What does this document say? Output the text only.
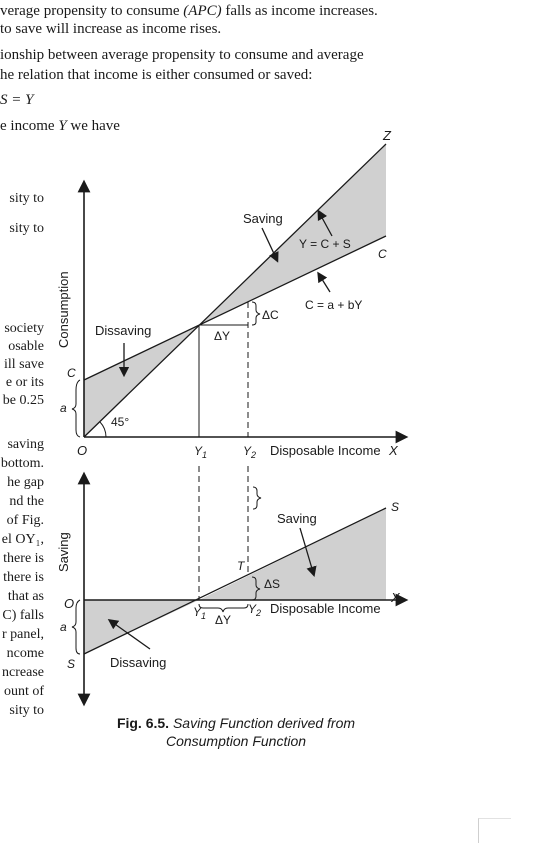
verage propensity to consume (APC) falls as income increases.
to save will increase as income rises.
ionship between average propensity to consume and average
he relation that income is either consumed or saved:
S = Y
e income Y we have
sity to
sity to
society
osable
ill save
e or its
be 0.25
saving
bottom.
he gap
nd the
of Fig.
el OY₁,
there is
there is
that as
C) falls
r panel,
ncome
ncrease
ount of
sity to
Consumption
O
C
a
45°
Z
C
Saving
Dissaving
Y = C + S
C = a + bY
ΔC
ΔY
$Y_1$	$Y_2$ Disposable Income X
Saving
O
a
S
S
Saving
Dissaving
T
ΔS
$Y_1$ ΔY
$Y_2$ Disposable Income
X
Fig. 6.5. Saving Function derived from
Consumption Function
